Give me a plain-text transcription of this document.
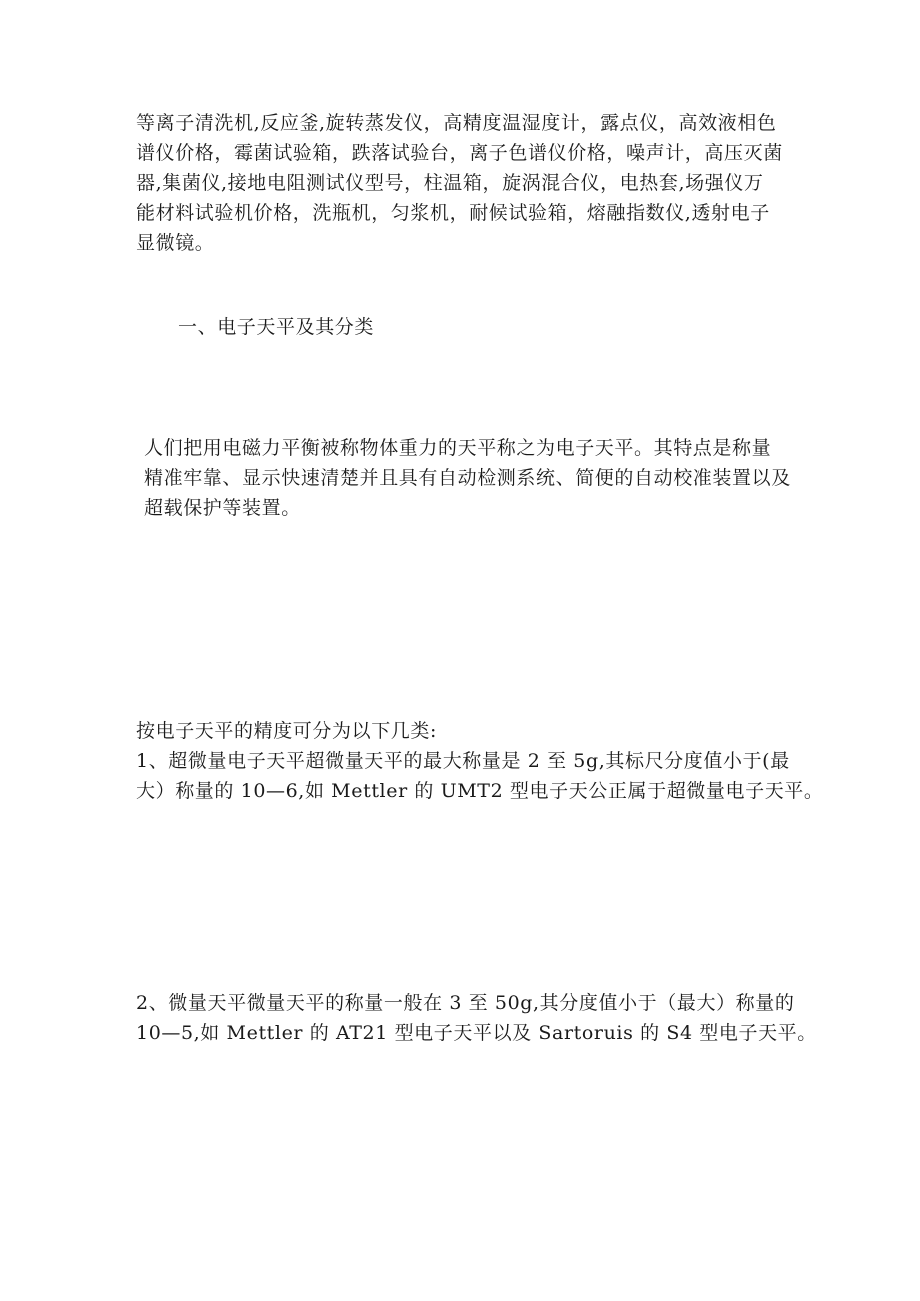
等离子清洗机,反应釜,旋转蒸发仪，高精度温湿度计，露点仪，高效液相色
谱仪价格，霉菌试验箱，跌落试验台，离子色谱仪价格，噪声计，高压灭菌
器,集菌仪,接地电阻测试仪型号，柱温箱，旋涡混合仪，电热套,场强仪万
能材料试验机价格，洗瓶机，匀浆机，耐候试验箱，熔融指数仪,透射电子
显微镜。
一、电子天平及其分类
人们把用电磁力平衡被称物体重力的天平称之为电子天平。其特点是称量
精准牢靠、显示快速清楚并且具有自动检测系统、简便的自动校准装置以及
超载保护等装置。
按电子天平的精度可分为以下几类:
1、超微量电子天平超微量天平的最大称量是 2 至 5g,其标尺分度值小于(最
大）称量的 10—6,如 Mettler 的 UMT2 型电子天公正属于超微量电子天平。
2、微量天平微量天平的称量一般在 3 至 50g,其分度值小于（最大）称量的
10—5,如 Mettler 的 AT21 型电子天平以及 Sartoruis 的 S4 型电子天平。
